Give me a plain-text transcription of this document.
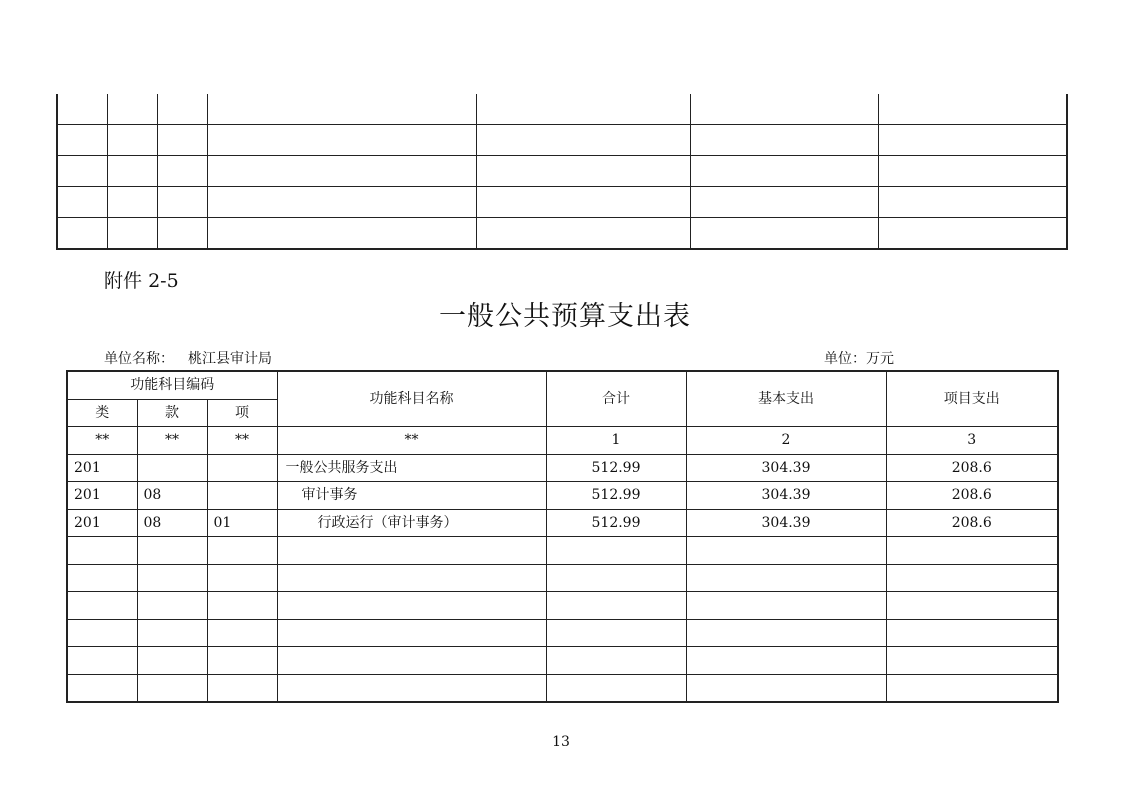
附件 2-5
一般公共预算支出表
单位名称： 桃江县审计局	单位：万元
功能科目编码			功能科目名称	合计	基本支出	项目支出
类	款	项				
**	**	**	**	1	2	3
201			一般公共服务支出	512.99	304.39	208.6
201	08		审计事务	512.99	304.39	208.6
201	08	01	行政运行（审计事务）	512.99	304.39	208.6

13
